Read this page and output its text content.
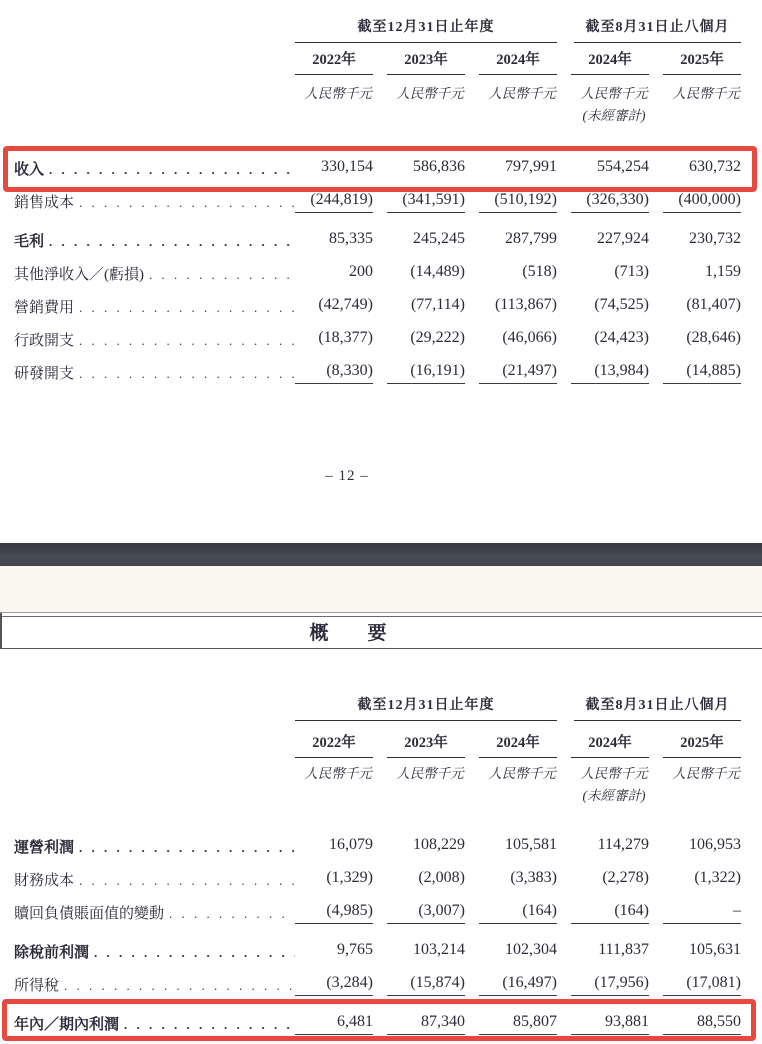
截至12月31日止年度	截至8月31日止八個月
2022年	2023年	2024年	2024年	2025年
人民幣千元	人民幣千元	人民幣千元	人民幣千元	人民幣千元
(未經審計)
收入 . . .	330,154	586,836	797,991	554,254	630,732
銷售成本 . . .	(244,819)	(341,591)	(510,192)	(326,330)	(400,000)
毛利 . . .	85,335	245,245	287,799	227,924	230,732
其他淨收入／(虧損) . . .	200	(14,489)	(518)	(713)	1,159
營銷費用 . . .	(42,749)	(77,114)	(113,867)	(74,525)	(81,407)
行政開支 . . .	(18,377)	(29,222)	(46,066)	(24,423)	(28,646)
研發開支 . . .	(8,330)	(16,191)	(21,497)	(13,984)	(14,885)
– 12 –
概　要
截至12月31日止年度	截至8月31日止八個月
2022年	2023年	2024年	2024年	2025年
人民幣千元	人民幣千元	人民幣千元	人民幣千元	人民幣千元
(未經審計)
運營利潤 . . .	16,079	108,229	105,581	114,279	106,953
財務成本 . . .	(1,329)	(2,008)	(3,383)	(2,278)	(1,322)
贖回負債賬面值的變動 . . .	(4,985)	(3,007)	(164)	(164)	–
除稅前利潤 . . .	9,765	103,214	102,304	111,837	105,631
所得稅 . . .	(3,284)	(15,874)	(16,497)	(17,956)	(17,081)
年內／期內利潤 . . .	6,481	87,340	85,807	93,881	88,550
